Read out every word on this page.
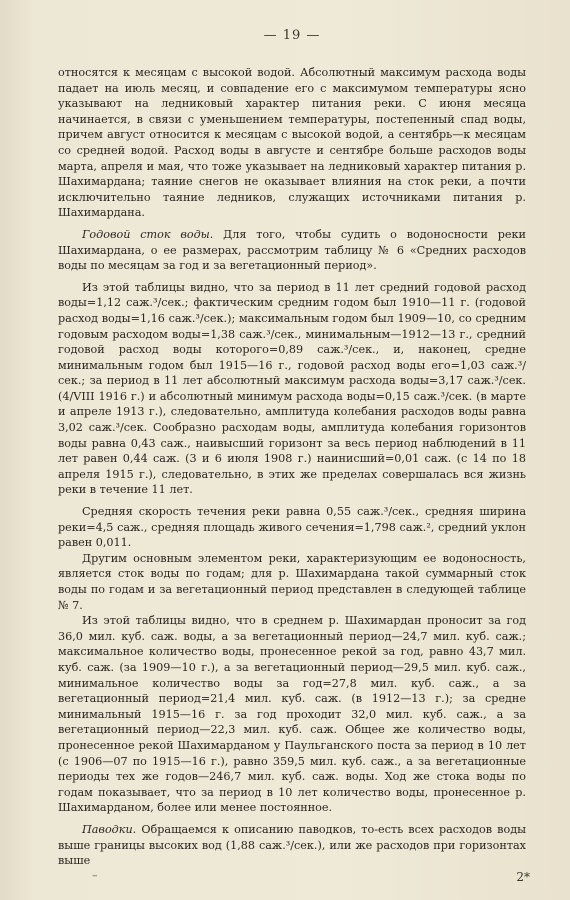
— 19 —

относятся к месяцам с высокой водой. Абсолютный максимум расхода воды падает на июль месяц, и совпадение его с максимумом температуры ясно указывают на ледниковый характер питания реки. С июня месяца начинается, в связи с уменьшением температуры, постепенный спад воды, причем август относится к месяцам с высокой водой, а сентябрь—к месяцам со средней водой. Расход воды в августе и сентябре больше расходов воды марта, апреля и мая, что тоже указывает на ледниковый характер питания р. Шахимардана; таяние снегов не оказывает влияния на сток реки, а почти исключительно таяние ледников, служащих источниками питания р. Шахимардана.

Годовой сток воды. Для того, чтобы судить о водоносности реки Шахимардана, о ее размерах, рассмотрим таблицу № 6 «Средних расходов воды по месяцам за год и за вегетационный период».

Из этой таблицы видно, что за период в 11 лет средний годовой расход воды=1,12 саж.³/сек.; фактическим средним годом был 1910—11 г. (годовой расход воды=1,16 саж.³/сек.); максимальным годом был 1909—10, со средним годовым расходом воды=1,38 саж.³/сек., минимальным—1912—13 г., средний годовой расход воды которого=0,89 саж.³/сек., и, наконец, средне минимальным годом был 1915—16 г., годовой расход воды его=1,03 саж.³/сек.; за период в 11 лет абсолютный максимум расхода воды=3,17 саж.³/сек. (4/VIII 1916 г.) и абсолютный минимум расхода воды=0,15 саж.³/сек. (в марте и апреле 1913 г.), следовательно, амплитуда колебания расходов воды равна 3,02 саж.³/сек. Сообразно расходам воды, амплитуда колебания горизонтов воды равна 0,43 саж., наивысший горизонт за весь период наблюдений в 11 лет равен 0,44 саж. (3 и 6 июля 1908 г.) наинисший=0,01 саж. (с 14 по 18 апреля 1915 г.), следовательно, в этих же пределах совершалась вся жизнь реки в течение 11 лет.

Средняя скорость течения реки равна 0,55 саж.³/сек., средняя ширина реки=4,5 саж., средняя площадь живого сечения=1,798 саж.², средний уклон равен 0,011.

Другим основным элементом реки, характеризующим ее водоносность, является сток воды по годам; для р. Шахимардана такой суммарный сток воды по годам и за вегетационный период представлен в следующей таблице № 7.

Из этой таблицы видно, что в среднем р. Шахимардан проносит за год 36,0 мил. куб. саж. воды, а за вегетационный период—24,7 мил. куб. саж.; максимальное количество воды, пронесенное рекой за год, равно 43,7 мил. куб. саж. (за 1909—10 г.), а за вегетационный период—29,5 мил. куб. саж., минимальное количество воды за год=27,8 мил. куб. саж., а за вегетационный период=21,4 мил. куб. саж. (в 1912—13 г.); за средне минимальный 1915—16 г. за год проходит 32,0 мил. куб. саж., а за вегетационный период—22,3 мил. куб. саж. Общее же количество воды, пронесенное рекой Шахимарданом у Паульганского поста за период в 10 лет (с 1906—07 по 1915—16 г.), равно 359,5 мил. куб. саж., а за вегетационные периоды тех же годов—246,7 мил. куб. саж. воды. Ход же стока воды по годам показывает, что за период в 10 лет количество воды, пронесенное р. Шахимарданом, более или менее постоянное.

Паводки. Обращаемся к описанию паводков, то-есть всех расходов воды выше границы высоких вод (1,88 саж.³/сек.), или же расходов при горизонтах выше

–	2*
